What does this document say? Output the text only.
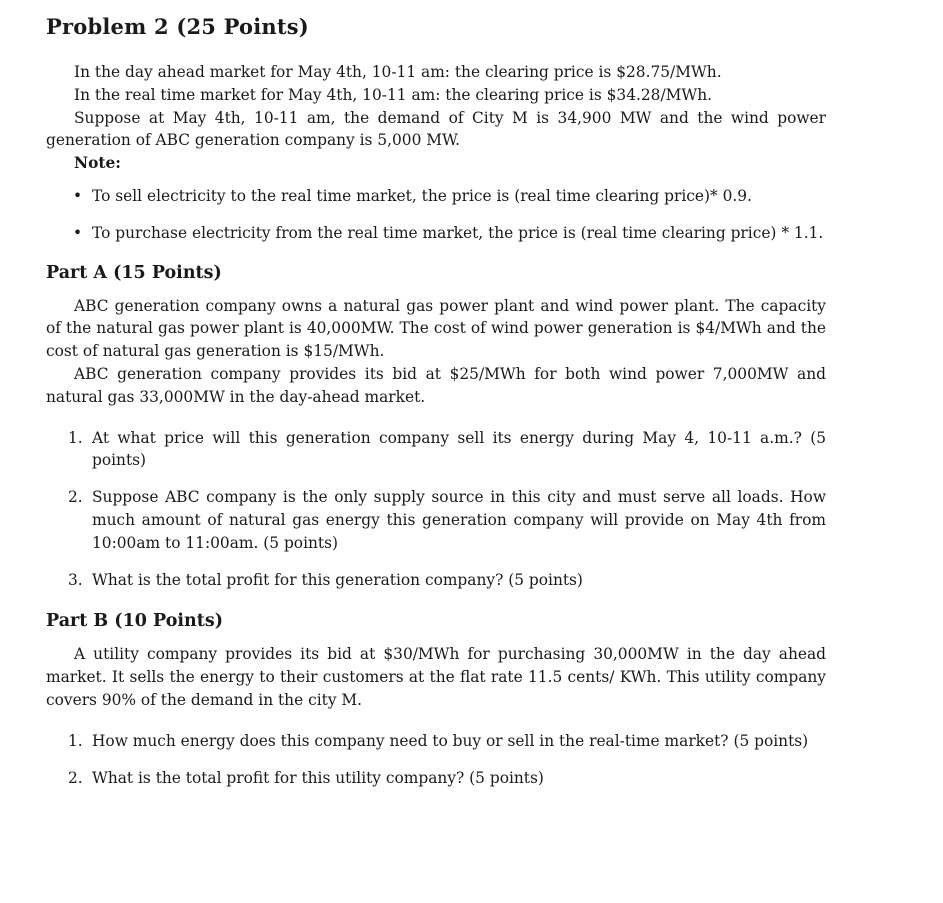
Problem 2 (25 Points)

In the day ahead market for May 4th, 10-11 am: the clearing price is $28.75/MWh.

In the real time market for May 4th, 10-11 am: the clearing price is $34.28/MWh.

Suppose at May 4th, 10-11 am, the demand of City M is 34,900 MW and the wind power generation of ABC generation company is 5,000 MW.

Note:
• To sell electricity to the real time market, the price is (real time clearing price)* 0.9.
• To purchase electricity from the real time market, the price is (real time clearing price) * 1.1.
Part A (15 Points)

ABC generation company owns a natural gas power plant and wind power plant. The capacity of the natural gas power plant is 40,000MW. The cost of wind power generation is $4/MWh and the cost of natural gas generation is $15/MWh.

ABC generation company provides its bid at $25/MWh for both wind power 7,000MW and natural gas 33,000MW in the day-ahead market.

1. At what price will this generation company sell its energy during May 4, 10-11 a.m.? (5 points)
2. Suppose ABC company is the only supply source in this city and must serve all loads. How much amount of natural gas energy this generation company will provide on May 4th from 10:00am to 11:00am. (5 points)
3. What is the total profit for this generation company? (5 points)
Part B (10 Points)

A utility company provides its bid at $30/MWh for purchasing 30,000MW in the day ahead market. It sells the energy to their customers at the flat rate 11.5 cents/ KWh. This utility company covers 90% of the demand in the city M.

1. How much energy does this company need to buy or sell in the real-time market? (5 points)
2. What is the total profit for this utility company? (5 points)
